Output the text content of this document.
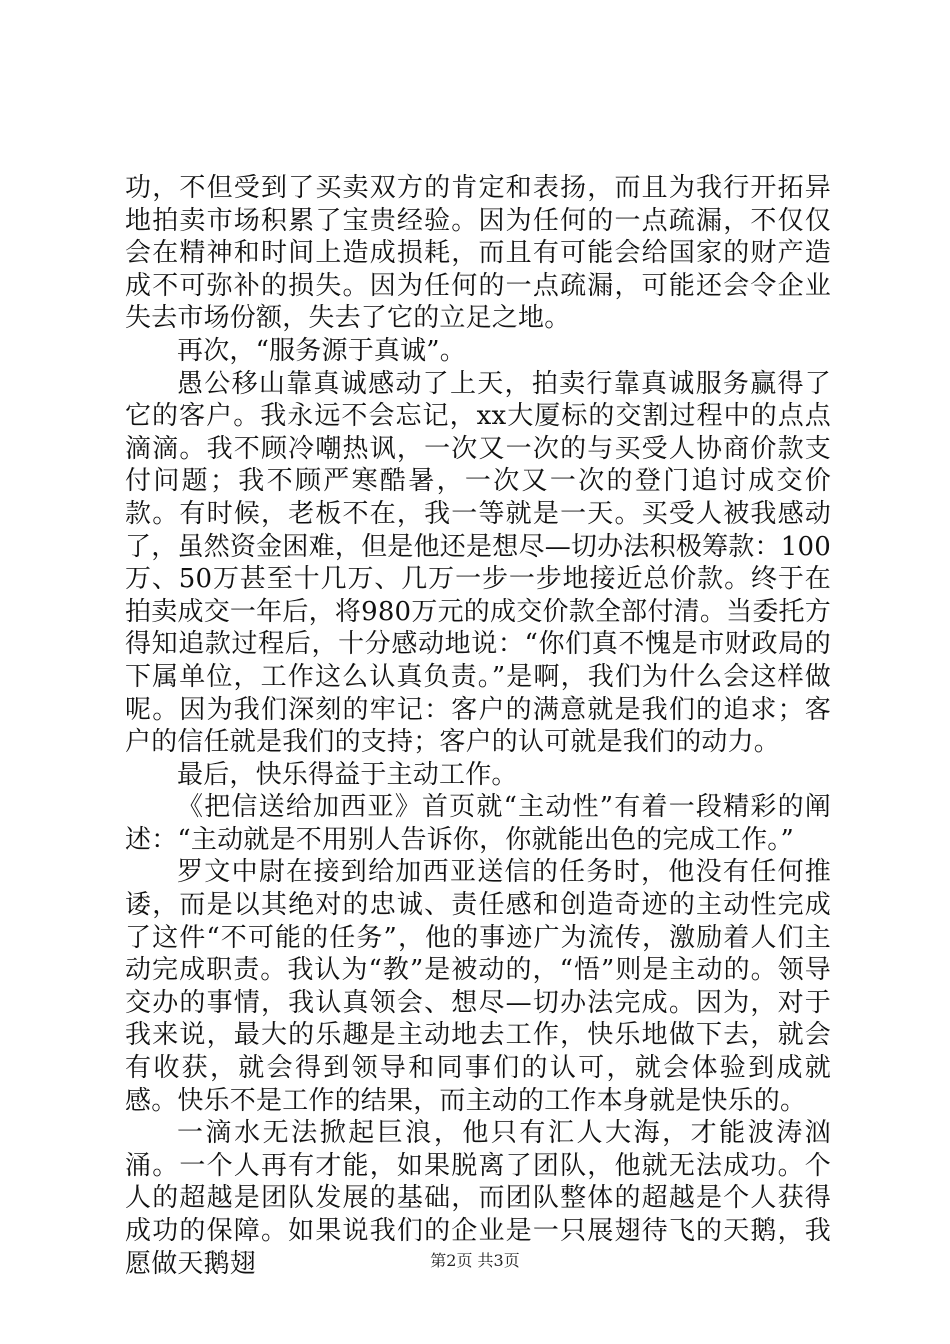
功，不但受到了买卖双方的肯定和表扬，而且为我行开拓异地拍卖市场积累了宝贵经验。因为任何的一点疏漏，不仅仅会在精神和时间上造成损耗，而且有可能会给国家的财产造成不可弥补的损失。因为任何的一点疏漏，可能还会令企业失去市场份额，失去了它的立足之地。

再次，“服务源于真诚”。

愚公移山靠真诚感动了上天，拍卖行靠真诚服务赢得了它的客户。我永远不会忘记，xx大厦标的交割过程中的点点滴滴。我不顾冷嘲热讽，一次又一次的与买受人协商价款支付问题；我不顾严寒酷暑，一次又一次的登门追讨成交价款。有时候，老板不在，我一等就是一天。买受人被我感动了，虽然资金困难，但是他还是想尽—切办法积极筹款：100万、50万甚至十几万、几万一步一步地接近总价款。终于在拍卖成交一年后，将980万元的成交价款全部付清。当委托方得知追款过程后，十分感动地说：“你们真不愧是市财政局的下属单位，工作这么认真负责。”是啊，我们为什么会这样做呢。因为我们深刻的牢记：客户的满意就是我们的追求；客户的信任就是我们的支持；客户的认可就是我们的动力。

最后，快乐得益于主动工作。

《把信送给加西亚》首页就“主动性”有着一段精彩的阐述：“主动就是不用别人告诉你，你就能出色的完成工作。”

罗文中尉在接到给加西亚送信的任务时，他没有任何推诿，而是以其绝对的忠诚、责任感和创造奇迹的主动性完成了这件“不可能的任务”，他的事迹广为流传，激励着人们主动完成职责。我认为“教”是被动的，“悟”则是主动的。领导交办的事情，我认真领会、想尽—切办法完成。因为，对于我来说，最大的乐趣是主动地去工作，快乐地做下去，就会有收获，就会得到领导和同事们的认可，就会体验到成就感。快乐不是工作的结果，而主动的工作本身就是快乐的。

一滴水无法掀起巨浪，他只有汇人大海，才能波涛汹涌。一个人再有才能，如果脱离了团队，他就无法成功。个人的超越是团队发展的基础，而团队整体的超越是个人获得成功的保障。如果说我们的企业是一只展翅待飞的天鹅，我愿做天鹅翅	第2页 共3页
